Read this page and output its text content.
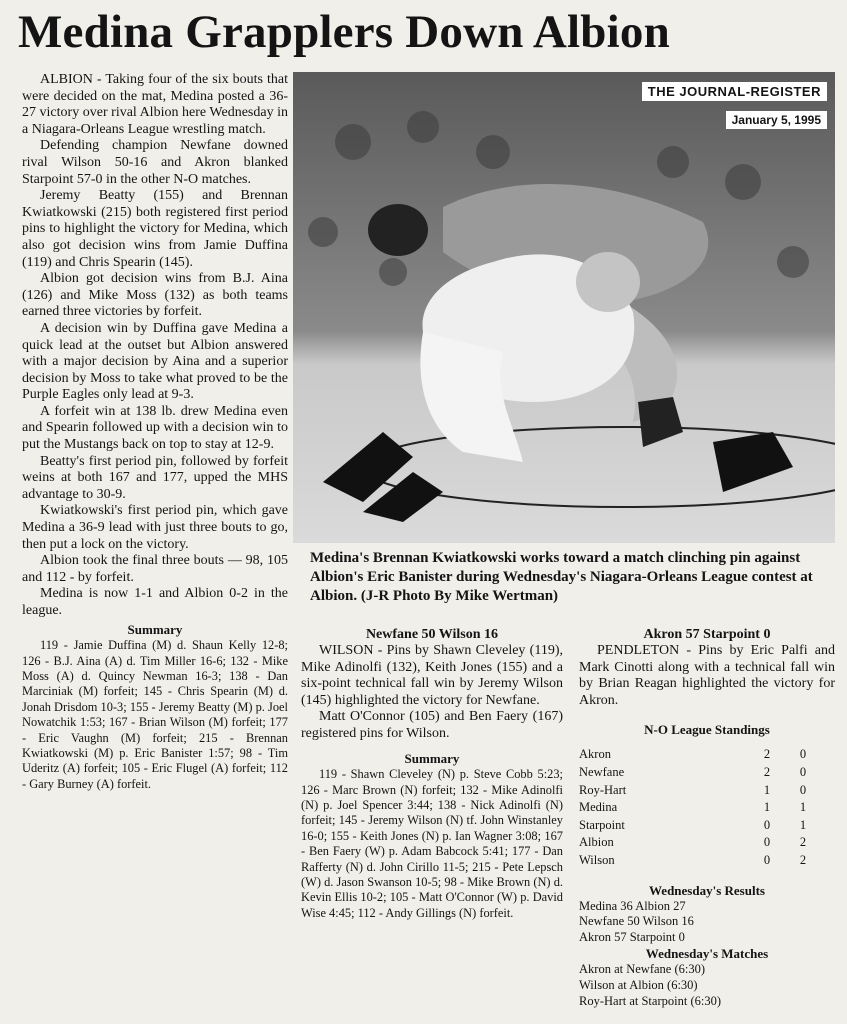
Medina Grapplers Down Albion

ALBION - Taking four of the six bouts that were decided on the mat, Medina posted a 36-27 victory over rival Albion here Wednesday in a Niagara-Orleans League wrestling match.

Defending champion Newfane downed rival Wilson 50-16 and Akron blanked Starpoint 57-0 in the other N-O matches.

Jeremy Beatty (155) and Brennan Kwiatkowski (215) both registered first period pins to highlight the victory for Medina, which also got decision wins from Jamie Duffina (119) and Chris Spearin (145).

Albion got decision wins from B.J. Aina (126) and Mike Moss (132) as both teams earned three victories by forfeit.

A decision win by Duffina gave Medina a quick lead at the outset but Albion answered with a major decision by Aina and a superior decision by Moss to take what proved to be the Purple Eagles only lead at 9-3.

A forfeit win at 138 lb. drew Medina even and Spearin followed up with a decision win to put the Mustangs back on top to stay at 12-9.

Beatty's first period pin, followed by forfeit weins at both 167 and 177, upped the MHS advantage to 30-9.

Kwiatkowski's first period pin, which gave Medina a 36-9 lead with just three bouts to go, then put a lock on the victory.

Albion took the final three bouts — 98, 105 and 112 - by forfeit.

Medina is now 1-1 and Albion 0-2 in the league.

Summary

119 - Jamie Duffina (M) d. Shaun Kelly 12-8; 126 - B.J. Aina (A) d. Tim Miller 16-6; 132 - Mike Moss (A) d. Quincy Newman 16-3; 138 - Dan Marciniak (M) forfeit; 145 - Chris Spearin (M) d. Jonah Drisdom 10-3; 155 - Jeremy Beatty (M) p. Joel Nowatchik 1:53; 167 - Brian Wilson (M) forfeit; 177 - Eric Vaughn (M) forfeit; 215 - Brennan Kwiatkowski (M) p. Eric Banister 1:57; 98 - Tim Uderitz (A) forfeit; 105 - Eric Flugel (A) forfeit; 112 - Gary Burney (A) forfeit.

THE JOURNAL-REGISTER
January 5, 1995
Medina's Brennan Kwiatkowski works toward a match clinching pin against Albion's Eric Banister during Wednesday's Niagara-Orleans League contest at Albion. (J-R Photo By Mike Wertman)
Newfane 50 Wilson 16

WILSON - Pins by Shawn Cleveley (119), Mike Adinolfi (132), Keith Jones (155) and a six-point technical fall win by Jeremy Wilson (145) highlighted the victory for Newfane.

Matt O'Connor (105) and Ben Faery (167) registered pins for Wilson.

Summary

119 - Shawn Cleveley (N) p. Steve Cobb 5:23; 126 - Marc Brown (N) forfeit; 132 - Mike Adinolfi (N) p. Joel Spencer 3:44; 138 - Nick Adinolfi (N) forfeit; 145 - Jeremy Wilson (N) tf. John Winstanley 16-0; 155 - Keith Jones (N) p. Ian Wagner 3:08; 167 - Ben Faery (W) p. Adam Babcock 5:41; 177 - Dan Rafferty (N) d. John Cirillo 11-5; 215 - Pete Lepsch (W) d. Jason Swanson 10-5; 98 - Mike Brown (N) d. Kevin Ellis 10-2; 105 - Matt O'Connor (W) p. David Wise 4:45; 112 - Andy Gillings (N) forfeit.

Akron 57 Starpoint 0

PENDLETON - Pins by Eric Palfi and Mark Cinotti along with a technical fall win by Brian Reagan highlighted the victory for Akron.

N-O League Standings
Akron	2	0
Newfane	2	0
Roy-Hart	1	0
Medina	1	1
Starpoint	0	1
Albion	0	2
Wilson	0	2
Wednesday's Results
Medina 36 Albion 27
Newfane 50 Wilson 16
Akron 57 Starpoint 0
Wednesday's Matches
Akron at Newfane (6:30)
Wilson at Albion (6:30)
Roy-Hart at Starpoint (6:30)
